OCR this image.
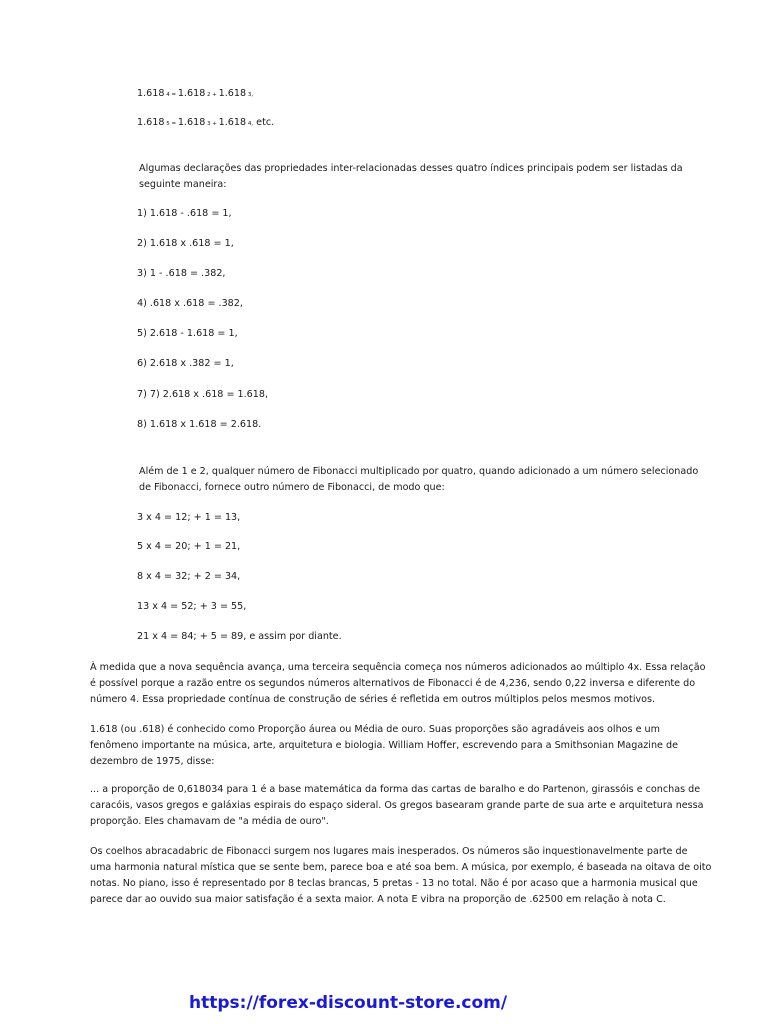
1.618 4 = 1.618 2 + 1.618 3,
1.618 5 = 1.618 3 + 1.618 4, etc.
Algumas declarações das propriedades inter-relacionadas desses quatro índices principais podem ser listadas da
seguinte maneira:
1) 1.618 - .618 = 1,
2) 1.618 x .618 = 1,
3) 1 - .618 = .382,
4) .618 x .618 = .382,
5) 2.618 - 1.618 = 1,
6) 2.618 x .382 = 1,
7) 7) 2.618 x .618 = 1.618,
8) 1.618 x 1.618 = 2.618.
Além de 1 e 2, qualquer número de Fibonacci multiplicado por quatro, quando adicionado a um número selecionado
de Fibonacci, fornece outro número de Fibonacci, de modo que:
3 x 4 = 12; + 1 = 13,
5 x 4 = 20; + 1 = 21,
8 x 4 = 32; + 2 = 34,
13 x 4 = 52; + 3 = 55,
21 x 4 = 84; + 5 = 89, e assim por diante.
À medida que a nova sequência avança, uma terceira sequência começa nos números adicionados ao múltiplo 4x. Essa relação
é possível porque a razão entre os segundos números alternativos de Fibonacci é de 4,236, sendo 0,22 inversa e diferente do
número 4. Essa propriedade contínua de construção de séries é refletida em outros múltiplos pelos mesmos motivos.
1.618 (ou .618) é conhecido como Proporção áurea ou Média de ouro. Suas proporções são agradáveis aos olhos e um
fenômeno importante na música, arte, arquitetura e biologia. William Hoffer, escrevendo para a Smithsonian Magazine de
dezembro de 1975, disse:
... a proporção de 0,618034 para 1 é a base matemática da forma das cartas de baralho e do Partenon, girassóis e conchas de
caracóis, vasos gregos e galáxias espirais do espaço sideral. Os gregos basearam grande parte de sua arte e arquitetura nessa
proporção. Eles chamavam de "a média de ouro".
Os coelhos abracadabric de Fibonacci surgem nos lugares mais inesperados. Os números são inquestionavelmente parte de
uma harmonia natural mística que se sente bem, parece boa e até soa bem. A música, por exemplo, é baseada na oitava de oito
notas. No piano, isso é representado por 8 teclas brancas, 5 pretas - 13 no total. Não é por acaso que a harmonia musical que
parece dar ao ouvido sua maior satisfação é a sexta maior. A nota E vibra na proporção de .62500 em relação à nota C.
https://forex-discount-store.com/
